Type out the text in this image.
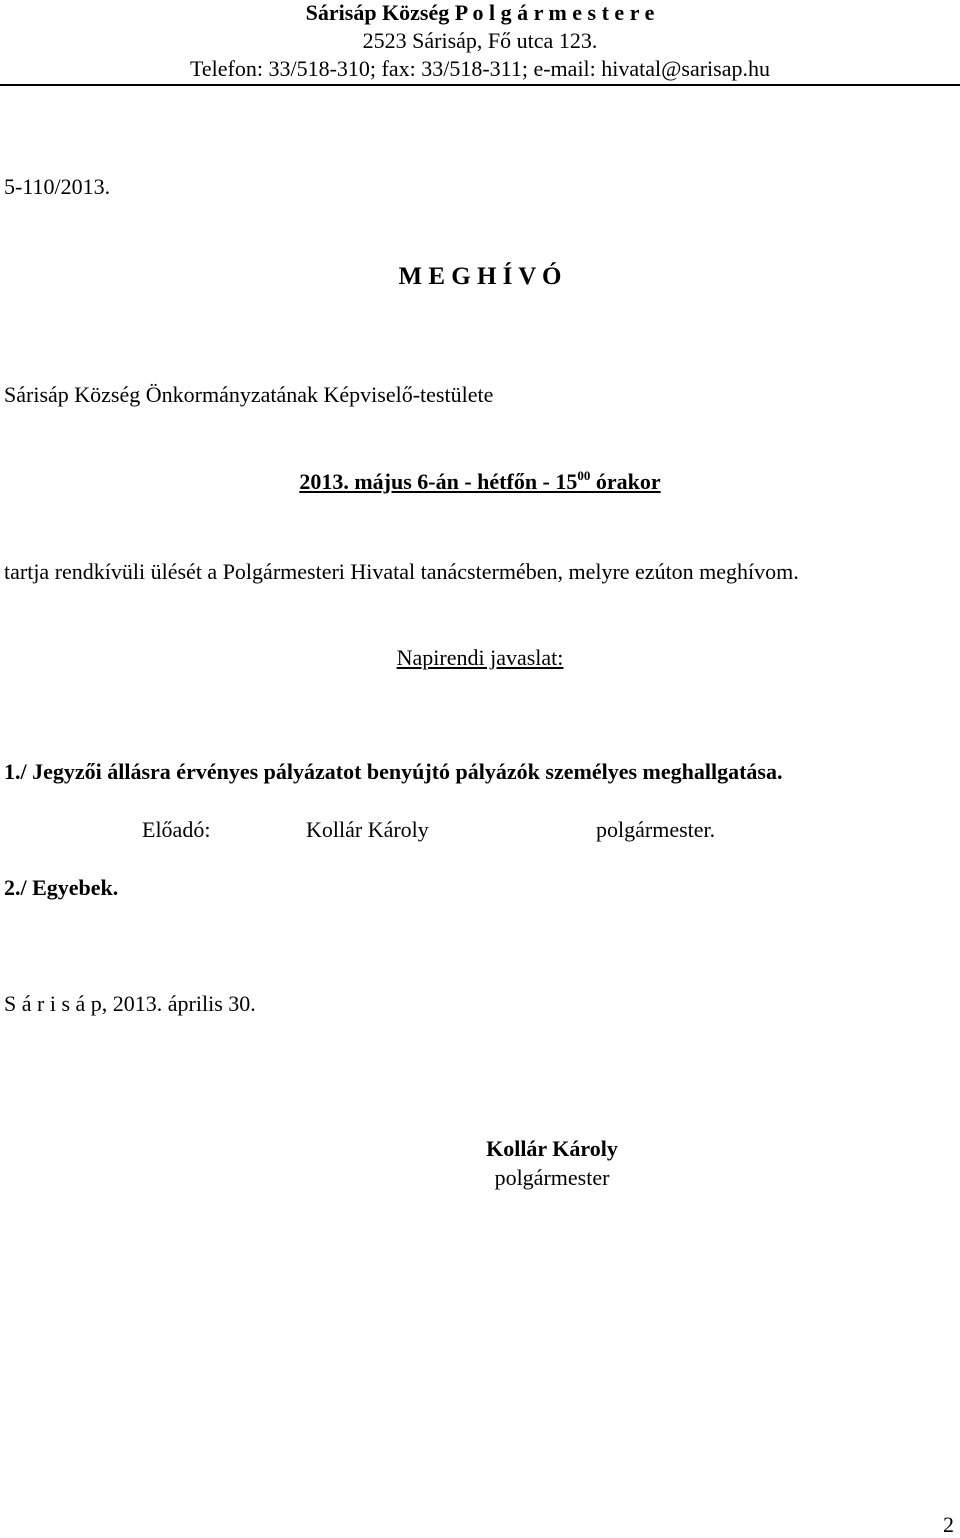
Sárisáp Község P o l g á r m e s t e r e
2523 Sárisáp, Fő utca 123.
Telefon: 33/518-310; fax: 33/518-311; e-mail: hivatal@sarisap.hu
5-110/2013.
M E G H Í V Ó
Sárisáp Község Önkormányzatának Képviselő-testülete
2013. május 6-án - hétfőn - $15^{00}$ órakor
tartja rendkívüli ülését a Polgármesteri Hivatal tanácstermében, melyre ezúton meghívom.
Napirendi javaslat:
1./ Jegyzői állásra érvényes pályázatot benyújtó pályázók személyes meghallgatása.
Előadó:	Kollár Károly	polgármester.
2./ Egyebek.
S á r i s á p, 2013. április 30.
Kollár Károly
polgármester
2
